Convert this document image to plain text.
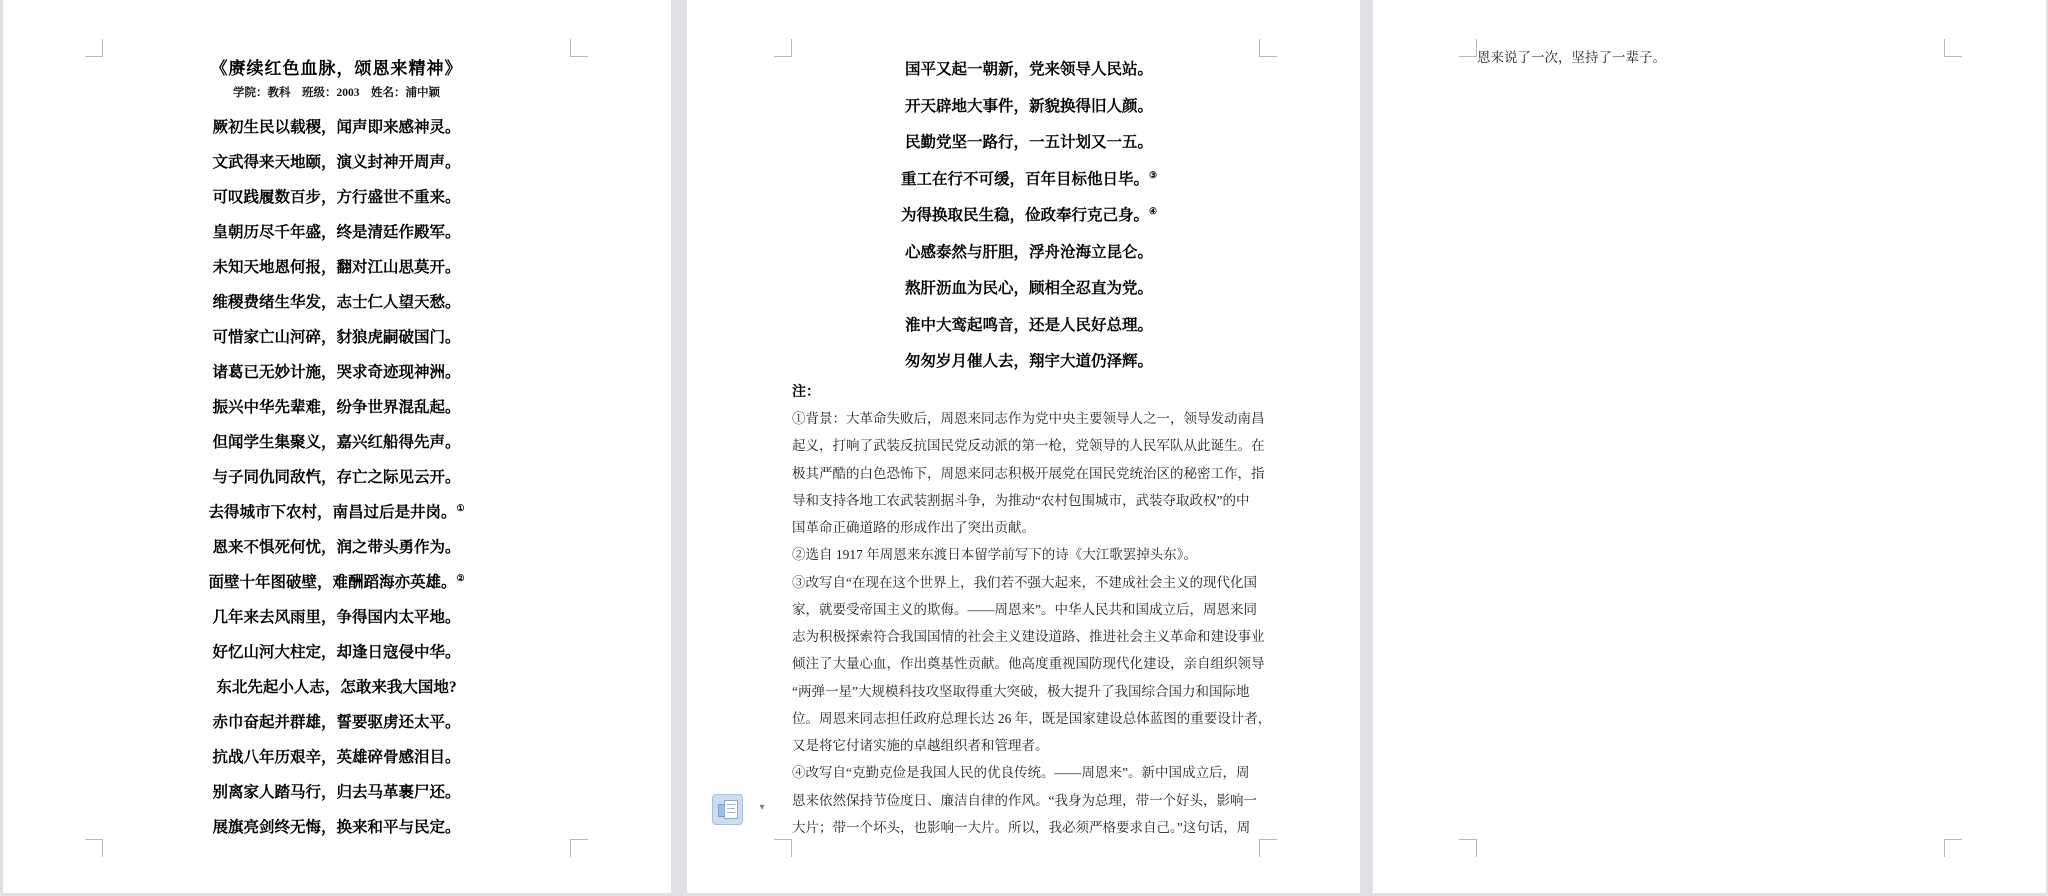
《赓续红色血脉，颂恩来精神》
学院：教科　班级：2003　姓名：浦中颖
厥初生民以载稷，闻声即来感神灵。
文武得来天地颐，演义封神开周声。
可叹践履数百步，方行盛世不重来。
皇朝历尽千年盛，终是清廷作殿军。
未知天地恩何报，翻对江山思莫开。
维稷费绪生华发，志士仁人望天愁。
可惜家亡山河碎，豺狼虎嗣破国门。
诸葛已无妙计施，哭求奇迹现神洲。
振兴中华先辈难，纷争世界混乱起。
但闻学生集聚义，嘉兴红船得先声。
与子同仇同敌忾，存亡之际见云开。
去得城市下农村，南昌过后是井岗。①
恩来不惧死何忧，润之带头勇作为。
面壁十年图破壁，难酬蹈海亦英雄。②
几年来去风雨里，争得国内太平地。
好忆山河大柱定，却逢日寇侵中华。
东北先起小人志，怎敢来我大国地?
赤巾奋起并群雄，誓要驱虏还太平。
抗战八年历艰辛，英雄碎骨感泪目。
别离家人踏马行，归去马革裹尸还。
展旗亮剑终无悔，换来和平与民定。
国平又起一朝新，党来领导人民站。
开天辟地大事件，新貌换得旧人颜。
民勤党坚一路行，一五计划又一五。
重工在行不可缓，百年目标他日毕。③
为得换取民生稳，俭政奉行克己身。④
心感泰然与肝胆，浮舟沧海立昆仑。
熬肝沥血为民心，顾相全忍直为党。
淮中大鸾起鸣音，还是人民好总理。
匆匆岁月催人去，翔宇大道仍泽辉。
注：
①背景：大革命失败后，周恩来同志作为党中央主要领导人之一，领导发动南昌
起义，打响了武装反抗国民党反动派的第一枪，党领导的人民军队从此诞生。在
极其严酷的白色恐怖下，周恩来同志积极开展党在国民党统治区的秘密工作，指
导和支持各地工农武装割据斗争，为推动“农村包围城市，武装夺取政权”的中
国革命正确道路的形成作出了突出贡献。
②选自 1917 年周恩来东渡日本留学前写下的诗《大江歌罢掉头东》。
③改写自“在现在这个世界上，我们若不强大起来，不建成社会主义的现代化国
家，就要受帝国主义的欺侮。——周恩来”。中华人民共和国成立后，周恩来同
志为积极探索符合我国国情的社会主义建设道路、推进社会主义革命和建设事业
倾注了大量心血，作出奠基性贡献。他高度重视国防现代化建设，亲自组织领导
“两弹一星”大规模科技攻坚取得重大突破，极大提升了我国综合国力和国际地
位。周恩来同志担任政府总理长达 26 年，既是国家建设总体蓝图的重要设计者，
又是将它付诸实施的卓越组织者和管理者。
④改写自“克勤克俭是我国人民的优良传统。——周恩来”。新中国成立后，周
恩来依然保持节俭度日、廉洁自律的作风。“我身为总理，带一个好头，影响一
大片；带一个坏头，也影响一大片。所以，我必须严格要求自己。”这句话，周
恩来说了一次，坚持了一辈子。
▾
